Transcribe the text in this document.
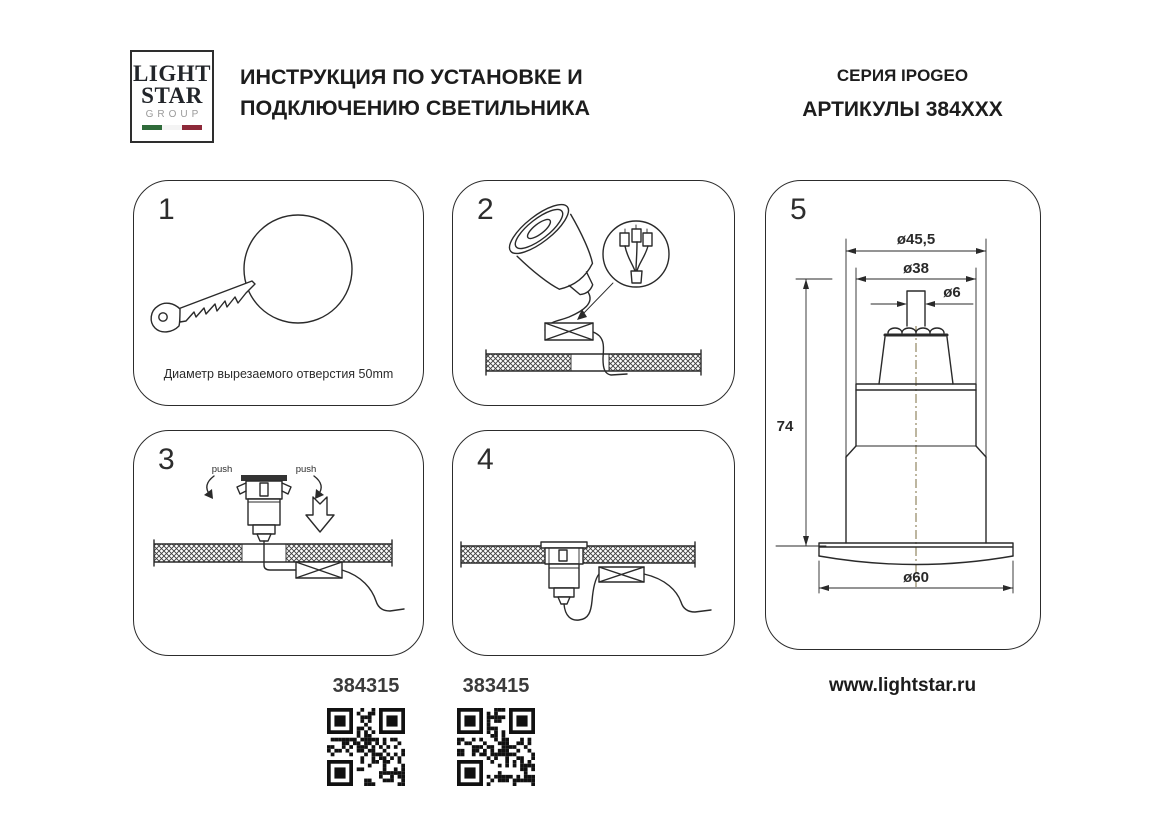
LIGHT
STAR
GROUP
ИНСТРУКЦИЯ ПО УСТАНОВКЕ И
ПОДКЛЮЧЕНИЮ СВЕТИЛЬНИКА
СЕРИЯ IPOGEO
АРТИКУЛЫ 384XXX
1
Диаметр вырезаемого отверстия 50mm
2
3	push	push	4
5
ø45,5
ø38
ø6
74
ø60
384315	383415	www.lightstar.ru
